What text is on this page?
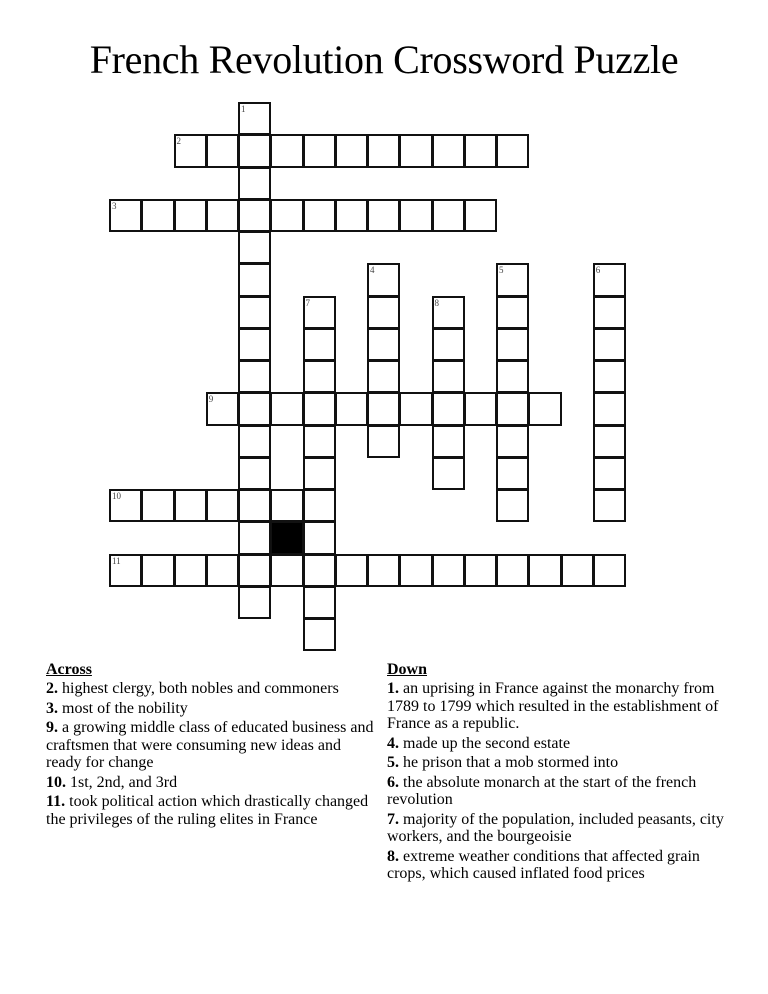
French Revolution Crossword Puzzle
1
2
3
4	5	6
7	8
9
10
11
Across
2. highest clergy, both nobles and commoners
3. most of the nobility
9. a growing middle class of educated business and craftsmen that were consuming new ideas and ready for change
10. 1st, 2nd, and 3rd
11. took political action which drastically changed the privileges of the ruling elites in France
Down
1. an uprising in France against the monarchy from 1789 to 1799 which resulted in the establishment of France as a republic.
4. made up the second estate
5. he prison that a mob stormed into
6. the absolute monarch at the start of the french revolution
7. majority of the population, included peasants, city workers, and the bourgeoisie
8. extreme weather conditions that affected grain crops, which caused inflated food prices
